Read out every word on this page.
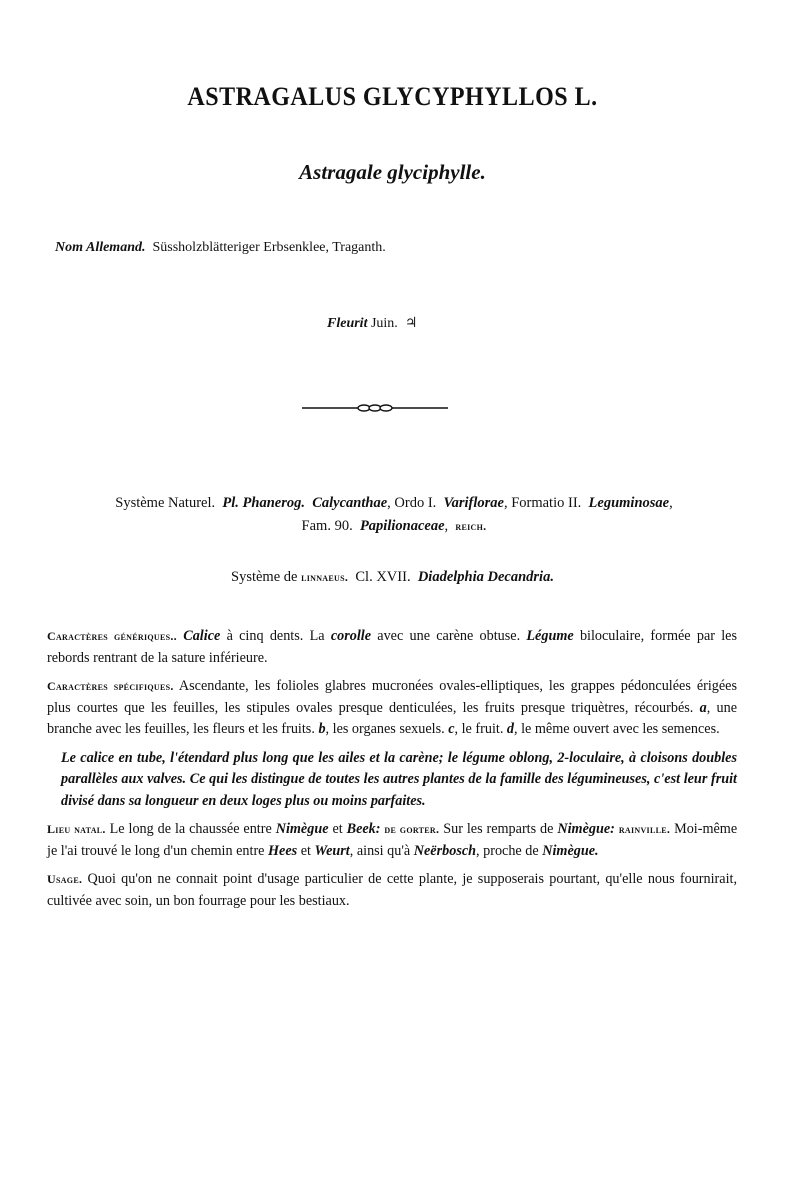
ASTRAGALUS GLYCYPHYLLOS L.
Astragale glyciphylle.
Nom Allemand. Süssholzblätteriger Erbsenklee, Traganth.
Fleurit Juin. ♃
Système Naturel. Pl. Phanerog. Calycanthae, Ordo I. Variflorae, Formatio II. Leguminosae,
Fam. 90. Papilionaceae, reich.
Système de linnaeus. Cl. XVII. Diadelphia Decandria.

Caractères génériques.. Calice à cinq dents. La corolle avec une carène obtuse. Légume biloculaire, formée par les rebords rentrant de la sature inférieure.

Caractères spécifiques. Ascendante, les folioles glabres mucronées ovales-elliptiques, les grappes pédonculées érigées plus courtes que les feuilles, les stipules ovales presque denticulées, les fruits presque triquètres, récourbés. a, une branche avec les feuilles, les fleurs et les fruits. b, les organes sexuels. c, le fruit. d, le même ouvert avec les semences.

Le calice en tube, l'étendard plus long que les ailes et la carène; le légume oblong, 2-loculaire, à cloisons doubles parallèles aux valves. Ce qui les distingue de toutes les autres plantes de la famille des légumineuses, c'est leur fruit divisé dans sa longueur en deux loges plus ou moins parfaites.

Lieu natal. Le long de la chaussée entre Nimègue et Beek: de gorter. Sur les remparts de Nimègue: rainville. Moi-même je l'ai trouvé le long d'un chemin entre Hees et Weurt, ainsi qu'à Neërbosch, proche de Nimègue.

Usage. Quoi qu'on ne connait point d'usage particulier de cette plante, je supposerais pourtant, qu'elle nous fournirait, cultivée avec soin, un bon fourrage pour les bestiaux.
